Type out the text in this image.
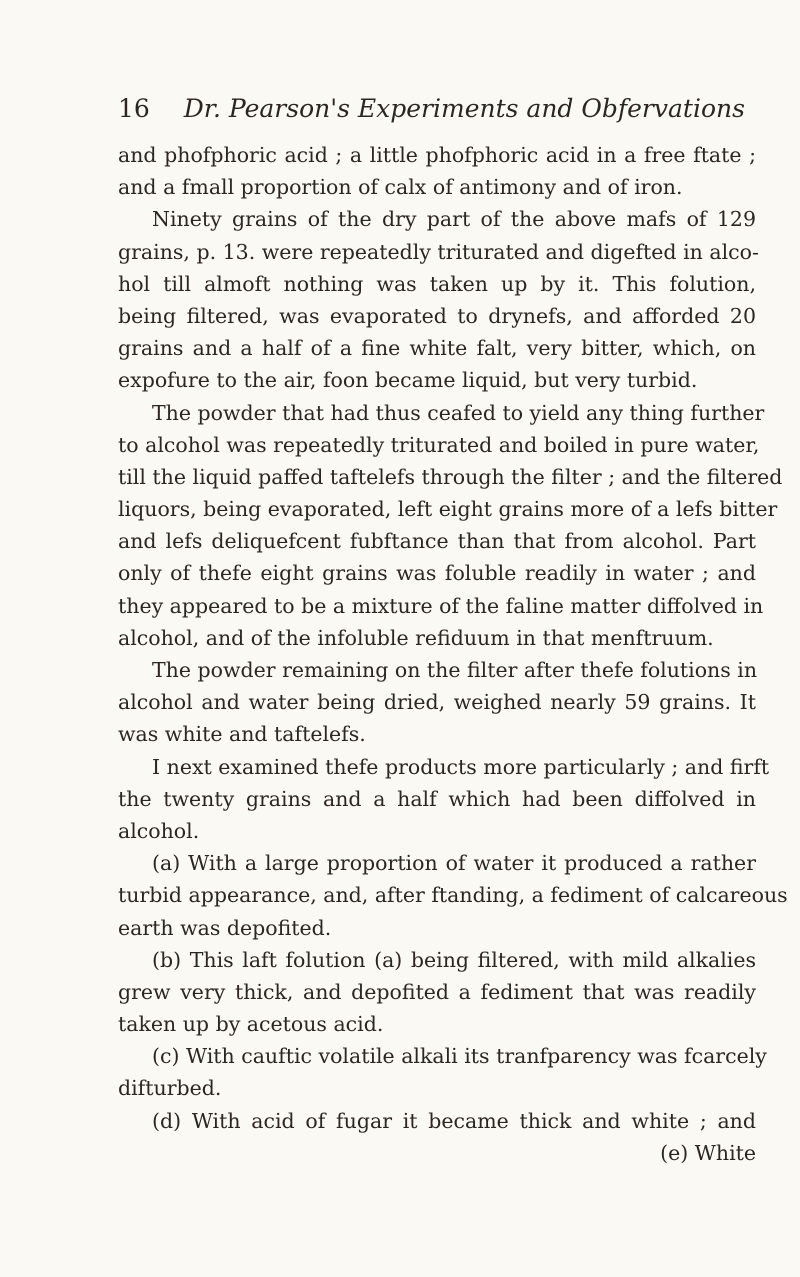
16 Dr. Pearson's Experiments and Obfervations
and phofphoric acid ; a little phofphoric acid in a free ftate ;
and a fmall proportion of calx of antimony and of iron.
Ninety grains of the dry part of the above mafs of 129
grains, p. 13. were repeatedly triturated and digefted in alco-
hol till almoft nothing was taken up by it. This folution,
being filtered, was evaporated to drynefs, and afforded 20
grains and a half of a fine white falt, very bitter, which, on
expofure to the air, foon became liquid, but very turbid.
The powder that had thus ceafed to yield any thing further
to alcohol was repeatedly triturated and boiled in pure water,
till the liquid paffed taftelefs through the filter ; and the filtered
liquors, being evaporated, left eight grains more of a lefs bitter
and lefs deliquefcent fubftance than that from alcohol. Part
only of thefe eight grains was foluble readily in water ; and
they appeared to be a mixture of the faline matter diffolved in
alcohol, and of the infoluble refiduum in that menftruum.
The powder remaining on the filter after thefe folutions in
alcohol and water being dried, weighed nearly 59 grains. It
was white and taftelefs.
I next examined thefe products more particularly ; and firft
the twenty grains and a half which had been diffolved in
alcohol.
(a) With a large proportion of water it produced a rather
turbid appearance, and, after ftanding, a fediment of calcareous
earth was depofited.
(b) This laft folution (a) being filtered, with mild alkalies
grew very thick, and depofited a fediment that was readily
taken up by acetous acid.
(c) With cauftic volatile alkali its tranfparency was fcarcely
difturbed.
(d) With acid of fugar it became thick and white ; and
(e) White
